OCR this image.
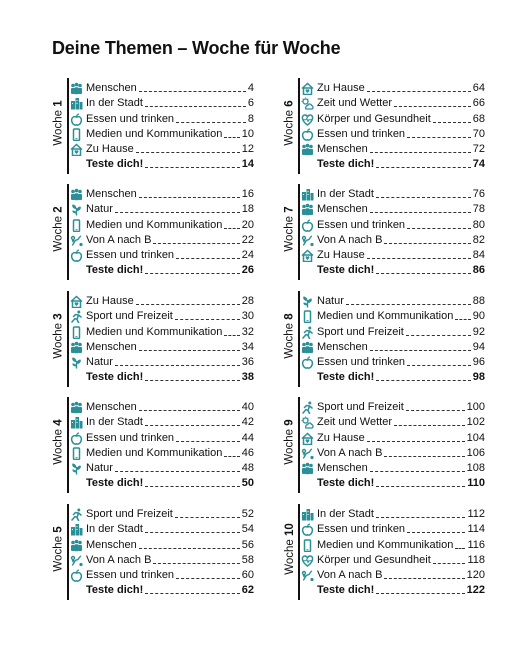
Deine Themen – Woche für Woche
Woche 1
Menschen	4
In der Stadt	6
Essen und trinken	8
Medien und Kommunikation 10
Zu Hause	12
Teste dich!	14
Woche 6
Zu Hause	64
Zeit und Wetter	66
Körper und Gesundheit	68
Essen und trinken	70
Menschen	72
Teste dich!	74
Woche 2
Menschen	16
Natur	18
Medien und Kommunikation 20
Von A nach B	22
Essen und trinken	24
Teste dich!	26
Woche 7
In der Stadt	76
Menschen	78
Essen und trinken	80
Von A nach B	82
Zu Hause	84
Teste dich!	86
Woche 3
Zu Hause	28
Sport und Freizeit	30
Medien und Kommunikation 32
Menschen	34
Natur	36
Teste dich!	38
Woche 8
Natur	88
Medien und Kommunikation 90
Sport und Freizeit	92
Menschen	94
Essen und trinken	96
Teste dich!	98
Woche 4
Menschen	40
In der Stadt	42
Essen und trinken	44
Medien und Kommunikation 46
Natur	48
Teste dich!	50
Woche 9
Sport und Freizeit	100
Zeit und Wetter	102
Zu Hause	104
Von A nach B	106
Menschen	108
Teste dich!	110
Woche 5
Sport und Freizeit	52
In der Stadt	54
Menschen	56
Von A nach B	58
Essen und trinken	60
Teste dich!	62
Woche 10
In der Stadt	112
Essen und trinken	114
Medien und Kommunikation 116
Körper und Gesundheit	118
Von A nach B	120
Teste dich!	122
